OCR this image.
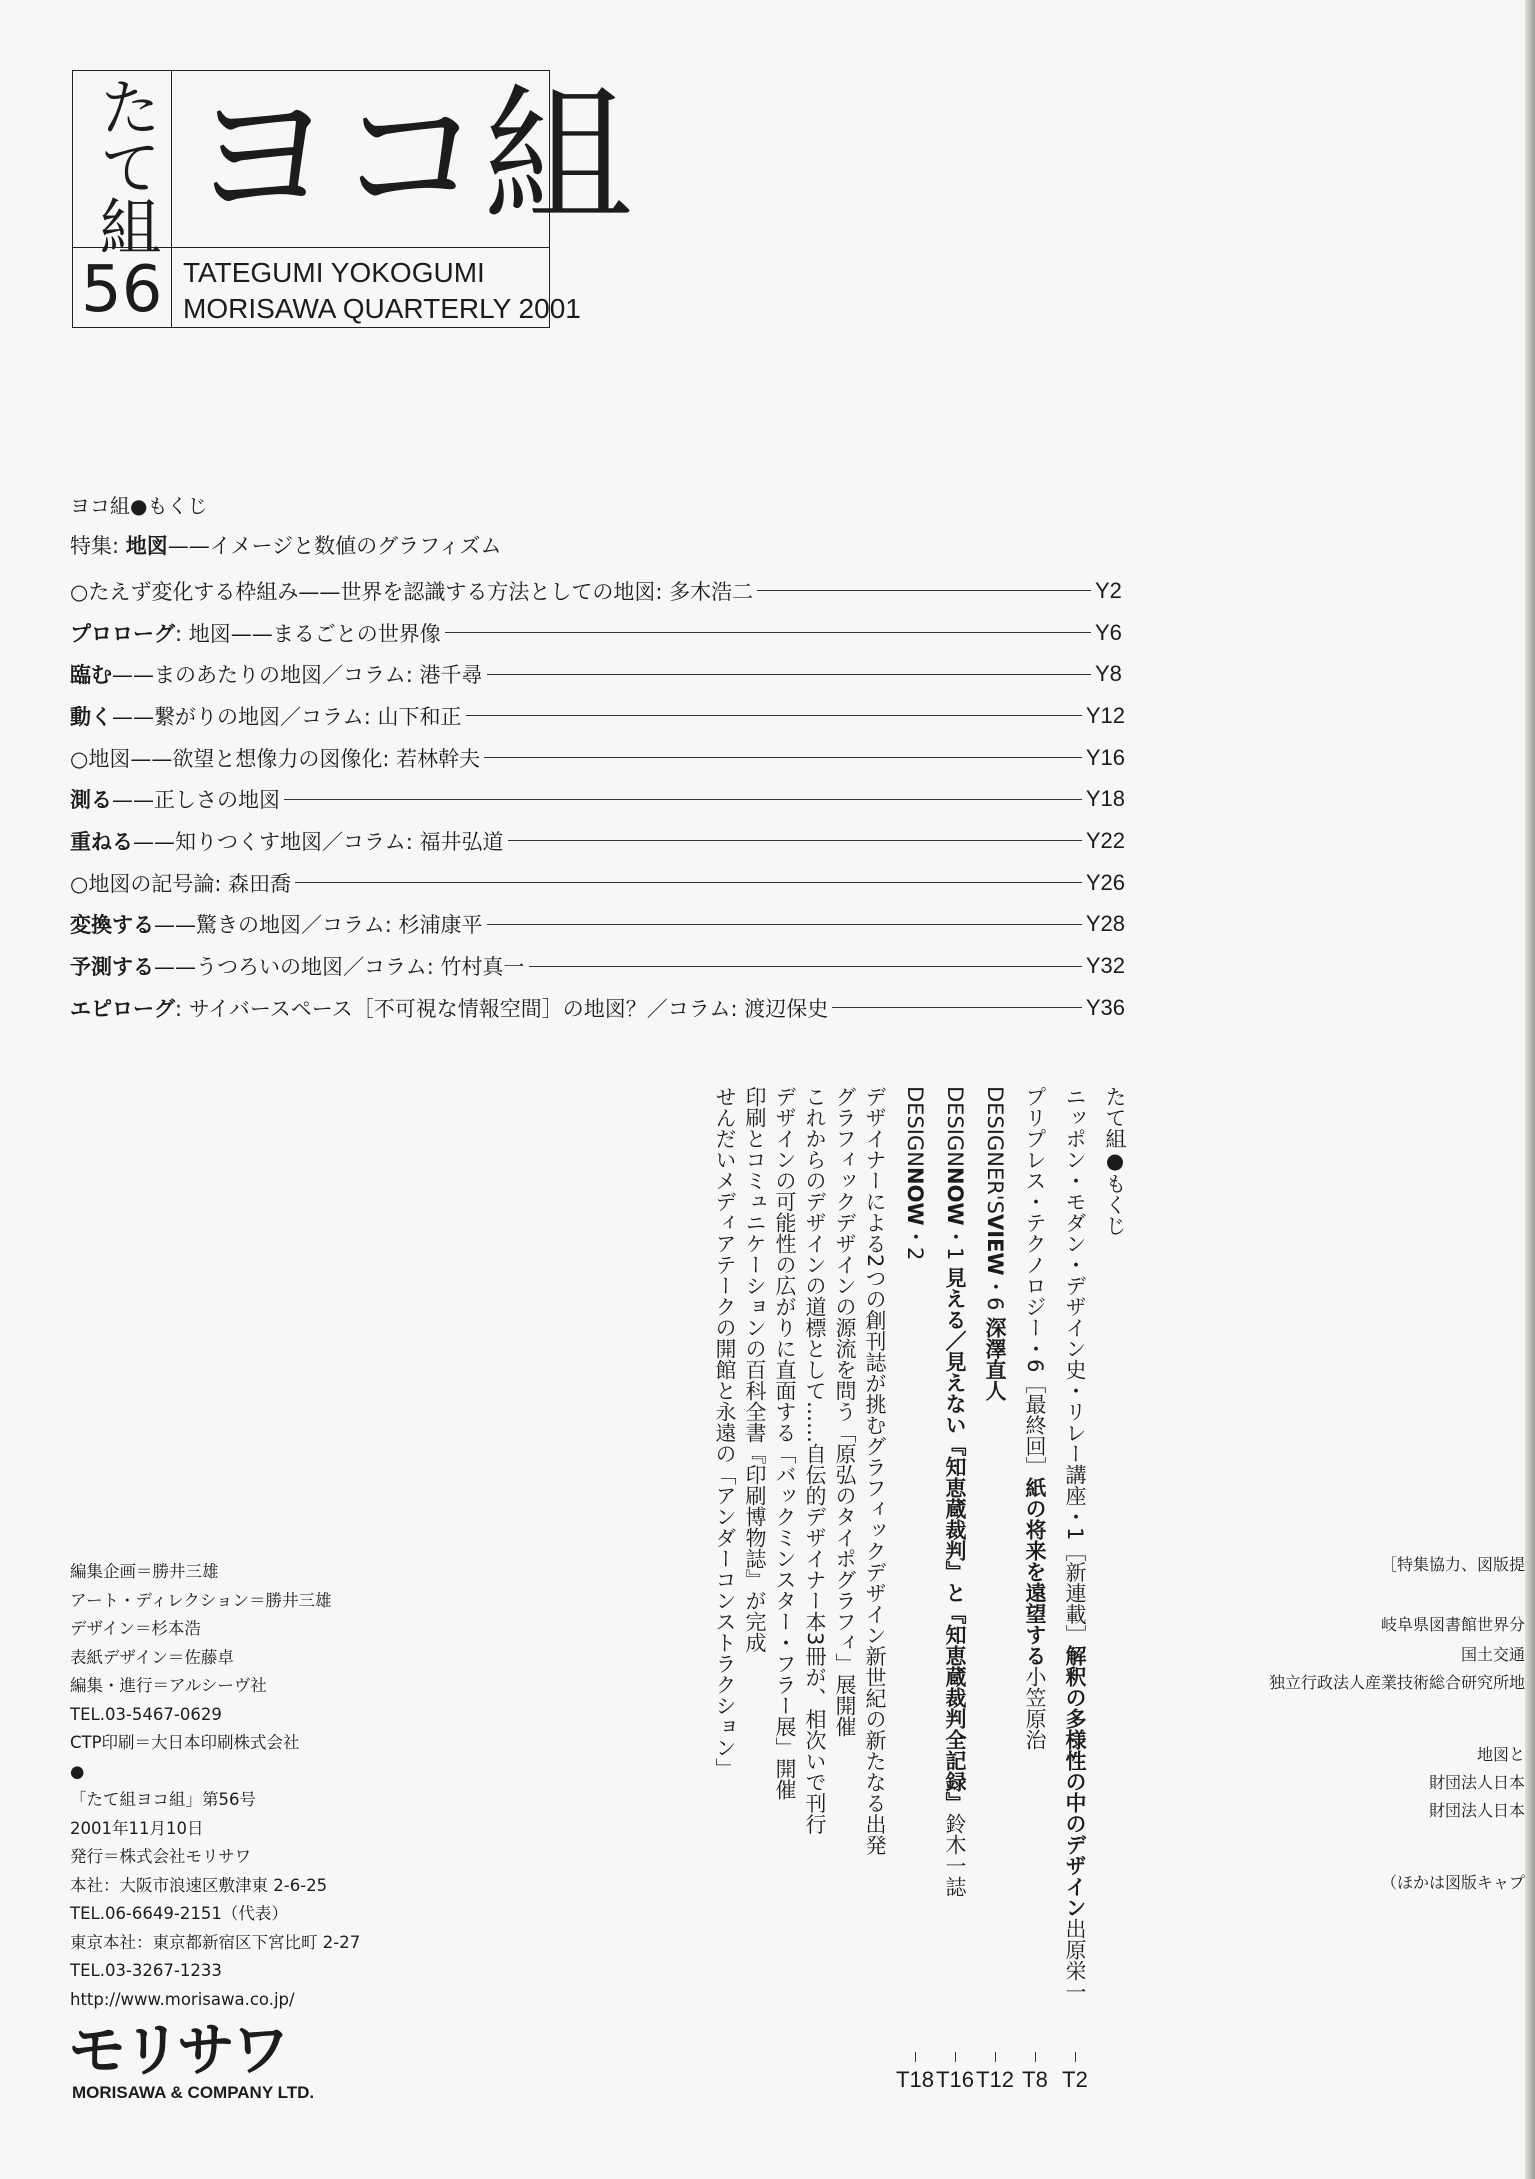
たて組 ヨコ組
56 TATEGUMI YOKOGUMI
MORISAWA QUARTERLY 2001
ヨコ組●もくじ
特集: 地図——イメージと数値のグラフィズム
○たえず変化する枠組み——世界を認識する方法としての地図: 多木浩二	Y2
プロローグ : 地図——まるごとの世界像	Y6
臨む ——まのあたりの地図／コラム: 港千尋	Y8
動く ——繋がりの地図／コラム: 山下和正	Y12
○地図——欲望と想像力の図像化: 若林幹夫	Y16
測る ——正しさの地図	Y18
重ねる ——知りつくす地図／コラム: 福井弘道	Y22
○地図の記号論: 森田喬	Y26
変換する ——驚きの地図／コラム: 杉浦康平	Y28
予測する ——うつろいの地図／コラム: 竹村真一	Y32
エピローグ : サイバースペース［不可視な情報空間］の地図？／コラム: 渡辺保史	Y36
たて組●もくじ
ニッポン・モダン・デザイン史・リレー講座・1［新連載］解釈の多様性の中のデザイン出原栄一
T2
プリプレス・テクノロジー・6［最終回］紙の将来を遠望する小笠原治
T8
DESIGNER'SVIEW・6 深澤直人
T12
DESIGNNOW・1 見える／見えない『知恵蔵裁判』と『知恵蔵裁判全記録』鈴木一誌
T16
DESIGNNOW・2
T18
デザイナーによる2つの創刊誌が挑むグラフィックデザイン新世紀の新たなる出発
グラフィックデザインの源流を問う「原弘のタイポグラフィ」展開催
これからのデザインの道標として……自伝的デザイナー本3冊が、相次いで刊行
デザインの可能性の広がりに直面する「バックミンスター・フラー展」開催
印刷とコミュニケーションの百科全書『印刷博物誌』が完成
せんだいメディアテークの開館と永遠の「アンダーコンストラクション」
編集企画＝勝井三雄
アート・ディレクション＝勝井三雄
デザイン＝杉本浩
表紙デザイン＝佐藤卓
編集・進行＝アルシーヴ社
TEL.03-5467-0629
CTP印刷＝大日本印刷株式会社
●
「たて組ヨコ組」第56号
2001年11月10日
発行＝株式会社モリサワ
本社：大阪市浪速区敷津東 2-6-25
TEL.06-6649-2151（代表）
東京本社：東京都新宿区下宮比町 2-27
TEL.03-3267-1233
http://www.morisawa.co.jp/
モリサワ
MORISAWA & COMPANY LTD.
［特集協力、図版提
岐阜県図書館世界分
国土交通
独立行政法人産業技術総合研究所地
地図と
財団法人日本
財団法人日本
（ほかは図版キャプ
